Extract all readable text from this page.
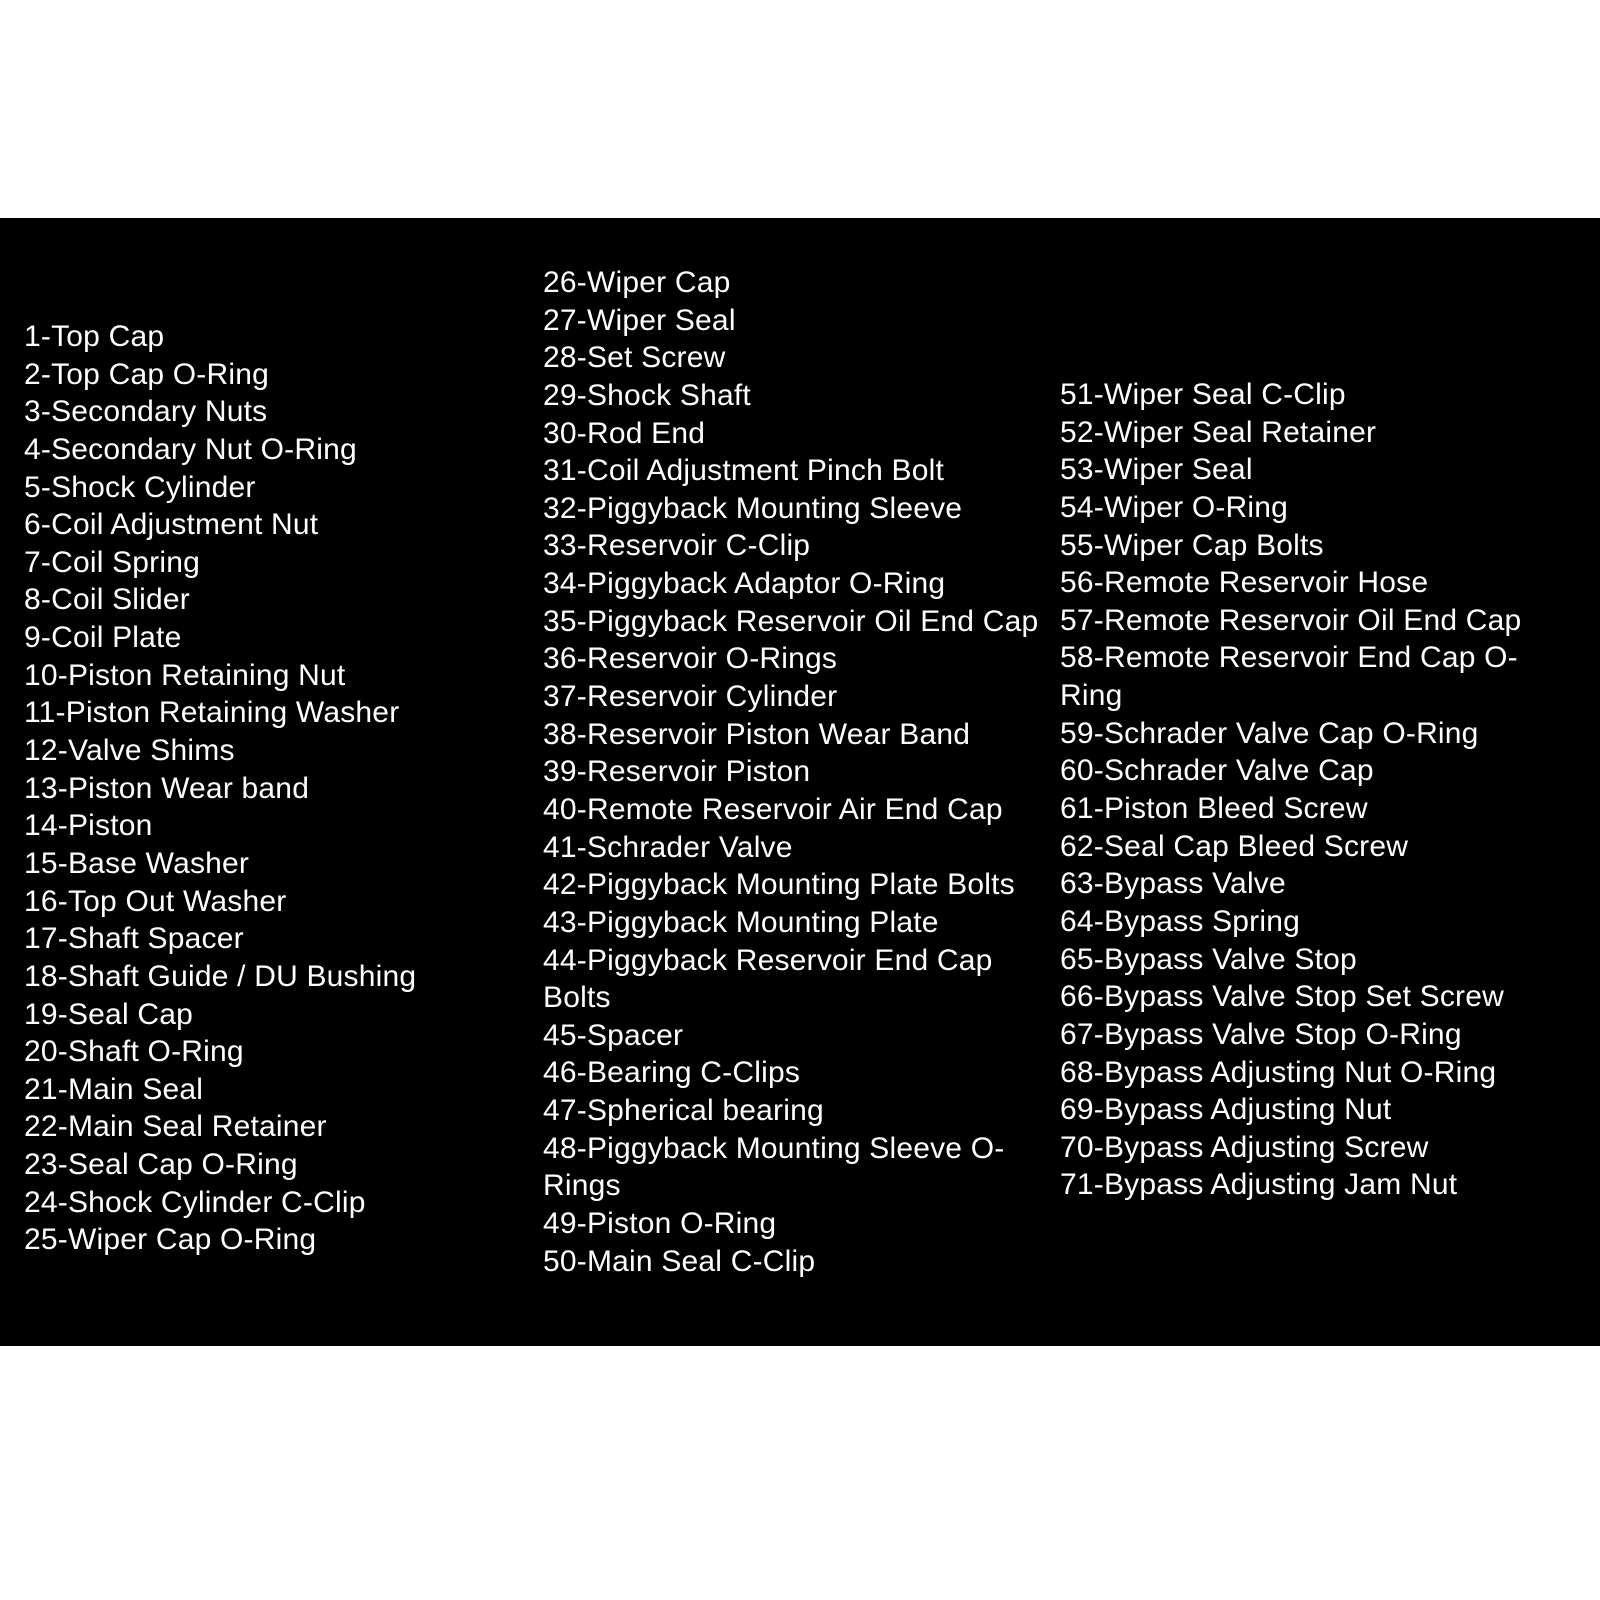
1-Top Cap
2-Top Cap O-Ring
3-Secondary Nuts
4-Secondary Nut O-Ring
5-Shock Cylinder
6-Coil Adjustment Nut
7-Coil Spring
8-Coil Slider
9-Coil Plate
10-Piston Retaining Nut
11-Piston Retaining Washer
12-Valve Shims
13-Piston Wear band
14-Piston
15-Base Washer
16-Top Out Washer
17-Shaft Spacer
18-Shaft Guide / DU Bushing
19-Seal Cap
20-Shaft O-Ring
21-Main Seal
22-Main Seal Retainer
23-Seal Cap O-Ring
24-Shock Cylinder C-Clip
25-Wiper Cap O-Ring
26-Wiper Cap
27-Wiper Seal
28-Set Screw
29-Shock Shaft
30-Rod End
31-Coil Adjustment Pinch Bolt
32-Piggyback Mounting Sleeve
33-Reservoir C-Clip
34-Piggyback Adaptor O-Ring
35-Piggyback Reservoir Oil End Cap
36-Reservoir O-Rings
37-Reservoir Cylinder
38-Reservoir Piston Wear Band
39-Reservoir Piston
40-Remote Reservoir Air End Cap
41-Schrader Valve
42-Piggyback Mounting Plate Bolts
43-Piggyback Mounting Plate
44-Piggyback Reservoir End Cap Bolts
45-Spacer
46-Bearing C-Clips
47-Spherical bearing
48-Piggyback Mounting Sleeve O-Rings
49-Piston O-Ring
50-Main Seal C-Clip
51-Wiper Seal C-Clip
52-Wiper Seal Retainer
53-Wiper Seal
54-Wiper O-Ring
55-Wiper Cap Bolts
56-Remote Reservoir Hose
57-Remote Reservoir Oil End Cap
58-Remote Reservoir End Cap O-Ring
59-Schrader Valve Cap O-Ring
60-Schrader Valve Cap
61-Piston Bleed Screw
62-Seal Cap Bleed Screw
63-Bypass Valve
64-Bypass Spring
65-Bypass Valve Stop
66-Bypass Valve Stop Set Screw
67-Bypass Valve Stop O-Ring
68-Bypass Adjusting Nut O-Ring
69-Bypass Adjusting Nut
70-Bypass Adjusting Screw
71-Bypass Adjusting Jam Nut
